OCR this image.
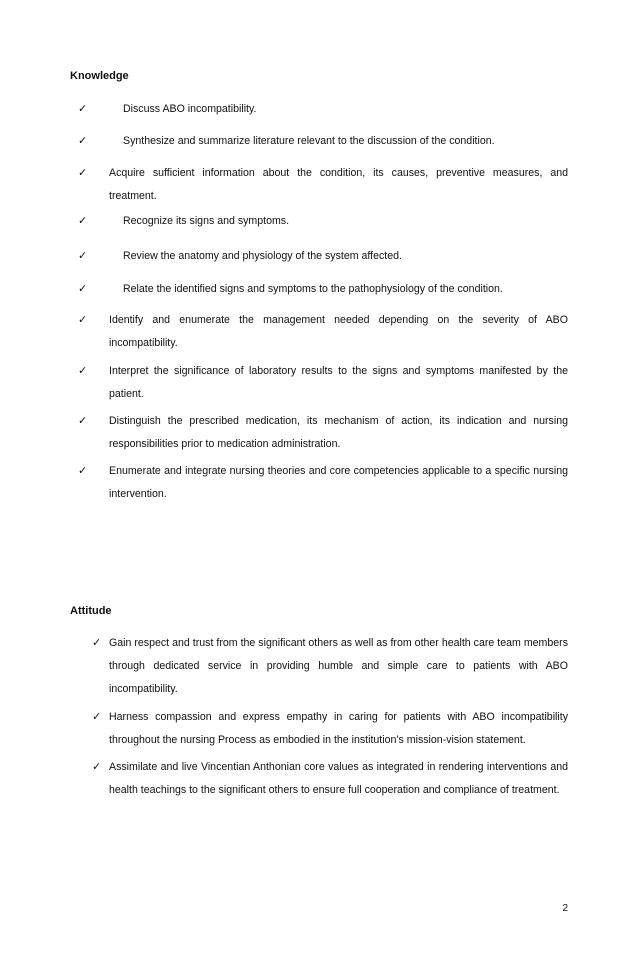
Knowledge
✓	Discuss ABO incompatibility.
✓	Synthesize and summarize literature relevant to the discussion of the condition.
✓	Acquire sufficient information about the condition, its causes, preventive measures, and treatment.
✓	Recognize its signs and symptoms.
✓	Review the anatomy and physiology of the system affected.
✓	Relate the identified signs and symptoms to the pathophysiology of the condition.
✓	Identify and enumerate the management needed depending on the severity of ABO incompatibility.
✓	Interpret the significance of laboratory results to the signs and symptoms manifested by the patient.
✓	Distinguish the prescribed medication, its mechanism of action, its indication and nursing responsibilities prior to medication administration.
✓	Enumerate and integrate nursing theories and core competencies applicable to a specific nursing intervention.
Attitude
✓ Gain respect and trust from the significant others as well as from other health care team members through dedicated service in providing humble and simple care to patients with ABO incompatibility.
✓ Harness compassion and express empathy in caring for patients with ABO incompatibility throughout the nursing Process as embodied in the institution’s mission-vision statement.
✓ Assimilate and live Vincentian Anthonian core values as integrated in rendering interventions and health teachings to the significant others to ensure full cooperation and compliance of treatment.
2
